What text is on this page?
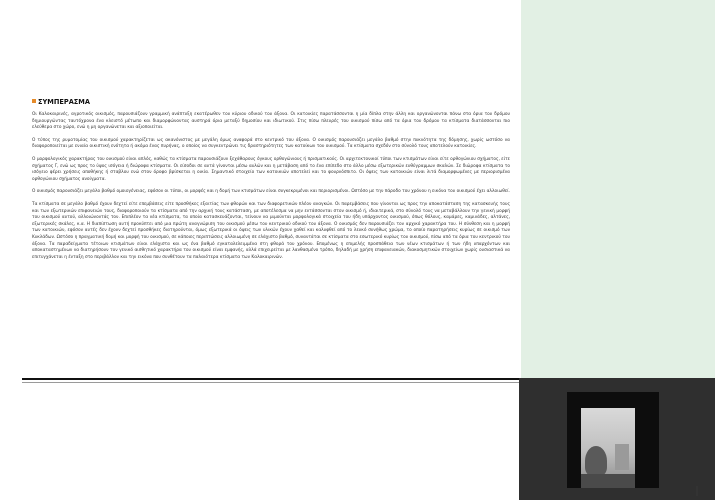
ΣΥΜΠΕΡΑΣΜΑ

Οι Καλοκαιρινές, αγροτικός οικισμός, παρουσιάζουν γραμμική ανάπτυξη εκατέρωθεν του κύριου οδικού του άξονα. Οι κατοικίες παρατάσσονται η μία δίπλα στην άλλη και οργανώνονται πάνω στα όρια του δρόμου δημιουργώντας ταυτόχρονα ένα κλειστό μέτωπο και διαμορφώνοντας αυστηρά όρια μεταξύ δημοσίου και ιδιωτικού. Στις πίσω πλευρές του οικισμού πίσω από τα όρια του δρόμου τα κτίσματα διατάσσονται πιο ελεύθερα στο χώρο, ενώ η μη οργανώνεται και αξιοποιείται.

Ο τύπος της ρυμοτομίας του οικισμού χαρακτηρίζεται ως ακανόνιστος με μεγάλη όμως αναφορά στο κεντρικό του άξονα. Ο οικισμός παρουσιάζει μεγάλο βαθμό στην πυκνότητα της δόμησης, χωρίς ωστόσο να διαφοροποιείται με ενιαία οικιστική ενότητα ή ακόμα ένας πυρήνας, ο οποίος να συγκεντρώνει τις δραστηριότητες των κατοίκων του οικισμού. Τα κτίσματα σχεδόν στο σύνολό τους αποτελούν κατοικίες.

Ο μορφολογικός χαρακτήρας του οικισμού είναι απλός, καθώς τα κτίσματα παρουσιάζουν ξεχάθαρους όγκους ορθογώνιους ή πρισματικούς. Οι αρχιτεκτονικοί τύποι των κτισμάτων είναι είτε ορθογώνιου σχήματος, είτε σχήματος Γ, ενώ ως προς το ύψος ισόγεια ή διώροφα κτίσματα. Οι είσοδοι σε αυτά γίνονται μέσω αυλών και η μετάβαση από το ένα επίπεδο στο άλλο μέσω εξωτερικών ευθύγραμμων σκαλών. Σε διώροφα κτίσματα το ισόγειο φέρει χρήσεις αποθήκης ή σταβλου ενώ στον όροφο βρίσκεται η οικία. Σημαντικό στοιχείο των κατοικιών αποτελεί και το φουρνόσπιτο. Οι όψεις των κατοικιών είναι λιτά διαμορφωμένες με περιορισμένα ορθογώνιου σχήματος ανοίγματα.

Ο οικισμός παρουσιάζει μεγάλο βαθμό ομοιογένειας, εφόσον οι τύποι, οι μορφές και η δομή των κτισμάτων είναι συγκεκριμένοι και περιορισμένοι. Ωστόσο με την πάροδο του χρόνου η εικόνα του οικισμού έχει αλλοιωθεί.

Τα κτίσματα σε μεγάλο βαθμό έχουν δεχτεί είτε επεμβάσεις είτε προσθήκες εξαιτίας των φθορών και των διαφορετικών πλέον αναγκών. Οι παρεμβάσεις που γίνονται ως προς την αποκατάσταση της κατασκευής τους και των εξωτερικών επιφανειών τους, διαφοροποιούν τα κτίσματα από την αρχική τους κατάσταση, με αποτέλεσμα να μην εντάσσονται στον οικισμό ή, ιδιαιτερικά, στο σύνολό τους να μεταβάλλουν την γενική μορφή του οικισμού αυτού, αλλοιώνοντάς τον. Επιπλέον τα νέα κτίσματα, τα οποία κατασκευάζονται, τείνουν να μιμούνται μορφολογικά στοιχεία του ήδη υπάρχοντος οικισμού, όπως θόλους, καμάρες, καμινάδες, αλτάνες, εξωτερικές σκάλες, κ.α. Η διαπίστωση αυτή προκύπτει από μια πρώτη αναγνώριση του οικισμού μέσω του κεντρικού οδικού του άξονα. Ο οικισμός δεν παρουσιάζει τον αρχικό χαρακτήρα του. Η σύνθεση και η μορφή των κατοικιών, εφόσον αυτές δεν έχουν δεχτεί προσθήκες διατηρούνται, όμως εξωτερικά οι όψεις των υλικών έχουν χαθεί και καλυφθεί από το λευκό συνήθως χρώμα, το οποίο παρατηρήσεις κυρίως σε οικισμό των Κυκλάδων. Ωστόσο η πραγματική δομή και μορφή του οικισμού, σε κάποιες περιπτώσεις αλλοιωμένη σε ελάχιστο βαθμό, συναντάται σε κτίσματα στο εσωτερικό κυρίως του οικισμού, πίσω από τα όρια του κεντρικού του άξονα. Τα παραδείγματα τέτοιων κτισμάτων είναι ελάχιστα και ως ένα βαθμό εγκαταλελειμμένα στη φθορά του χρόνου. Επομένως η επιμελής προσπάθεια των νέων κτισμάτων ή των ήδη υπαρχόντων και αποκαταστημένων να διατηρήσουν τον γενικό αισθητικό χαρακτήρα του οικισμού είναι εμφανής, αλλά επιχειρείται με λανθασμένο τρόπο, δηλαδή με χρήση επιφανειακών, διακοσμητικών στοιχείων χωρίς ουσιαστικά να επιτυγχάνεται η ένταξη στο περιβάλλον και την εικόνα που συνθέτουν τα παλαιότερα κτίσματα των Καλοκαιρινών.
